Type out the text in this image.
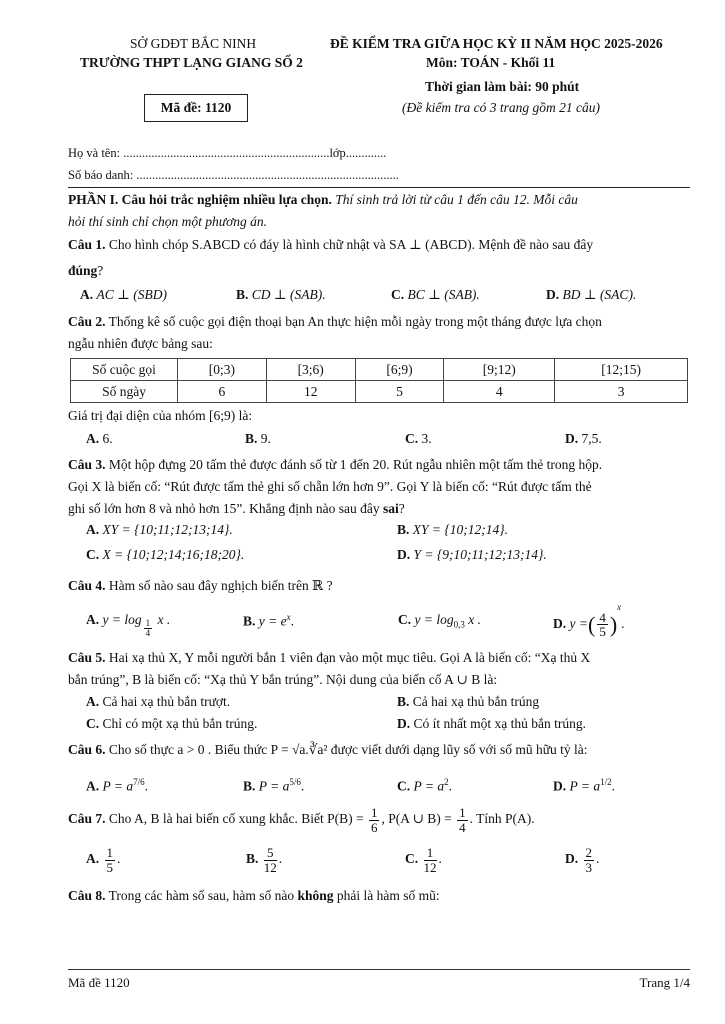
SỞ GDĐT BẮC NINH
TRƯỜNG THPT LẠNG GIANG SỐ 2
ĐỀ KIỂM TRA GIỮA HỌC KỲ II NĂM HỌC 2025-2026
Môn: TOÁN - Khối 11
Thời gian làm bài: 90 phút
(Đề kiểm tra có 3 trang gồm 21 câu)
Mã đề: 1120
Họ và tên: ..................................................................lớp.............
Số báo danh: ....................................................................................
PHẦN I. Câu hỏi trắc nghiệm nhiều lựa chọn. Thí sinh trả lời từ câu 1 đến câu 12. Mỗi câu
hỏi thí sinh chỉ chọn một phương án.
Câu 1. Cho hình chóp S.ABCD có đáy là hình chữ nhật và SA ⊥ (ABCD). Mệnh đề nào sau đây
đúng?
A. AC ⊥ (SBD)	B. CD ⊥ (SAB).	C. BC ⊥ (SAB).	D. BD ⊥ (SAC).
Câu 2. Thống kê số cuộc gọi điện thoại bạn An thực hiện mỗi ngày trong một tháng được lựa chọn
ngẫu nhiên được bảng sau:
Số cuộc gọi	[0;3)	[3;6)	[6;9)	[9;12)	[12;15)
Số ngày	6	12	5	4	3
Giá trị đại diện của nhóm [6;9) là:
A. 6.	B. 9.	C. 3.	D. 7,5.
Câu 3. Một hộp đựng 20 tấm thẻ được đánh số từ 1 đến 20. Rút ngẫu nhiên một tấm thẻ trong hộp.
Gọi X là biến cố: “Rút được tấm thẻ ghi số chẵn lớn hơn 9”. Gọi Y là biến cố: “Rút được tấm thẻ
ghi số lớn hơn 8 và nhỏ hơn 15”. Khẳng định nào sau đây sai?
A. XY = {10;11;12;13;14}.	B. XY = {10;12;14}.
C. X = {10;12;14;16;18;20}.	D. Y = {9;10;11;12;13;14}.
Câu 4. Hàm số nào sau đây nghịch biến trên ℝ ?
A. $y = \log \frac{1}{4}$ x .	B. $y = e^x$.	C. $y = \log_{0,3} x$ .	D. y =( $\frac{4}{5} )^x$.
Câu 5. Hai xạ thủ X, Y mỗi người bắn 1 viên đạn vào một mục tiêu. Gọi A là biến cố: “Xạ thủ X
bắn trúng”, B là biến cố: “Xạ thủ Y bắn trúng”. Nội dung của biến cố A ∪ B là:
A. Cả hai xạ thủ bắn trượt.	B. Cả hai xạ thủ bắn trúng
C. Chỉ có một xạ thủ bắn trúng.	D. Có ít nhất một xạ thủ bắn trúng.
Câu 6. Cho số thực a > 0 . Biểu thức P = √a.∛a² được viết dưới dạng lũy số với số mũ hữu tỷ là:
A. $P = a^{7/6}$.	B. $P = a^{5/6}$.	C. $P = a^2$.	D. $P = a^{1/2}$.
Câu 7. Cho A, B là hai biến cố xung khắc. Biết $P(B) = \frac{1}{6}$ , P(A ∪ $B) = \frac{1}{4}$ . Tính P(A).
A. $\frac{1}{5}$ .	B. $\frac{5}{12}$ .	C. $\frac{1}{12}$ .	D. $\frac{2}{3}$ .
Câu 8. Trong các hàm số sau, hàm số nào không phải là hàm số mũ:
Mã đề 1120	Trang 1/4
